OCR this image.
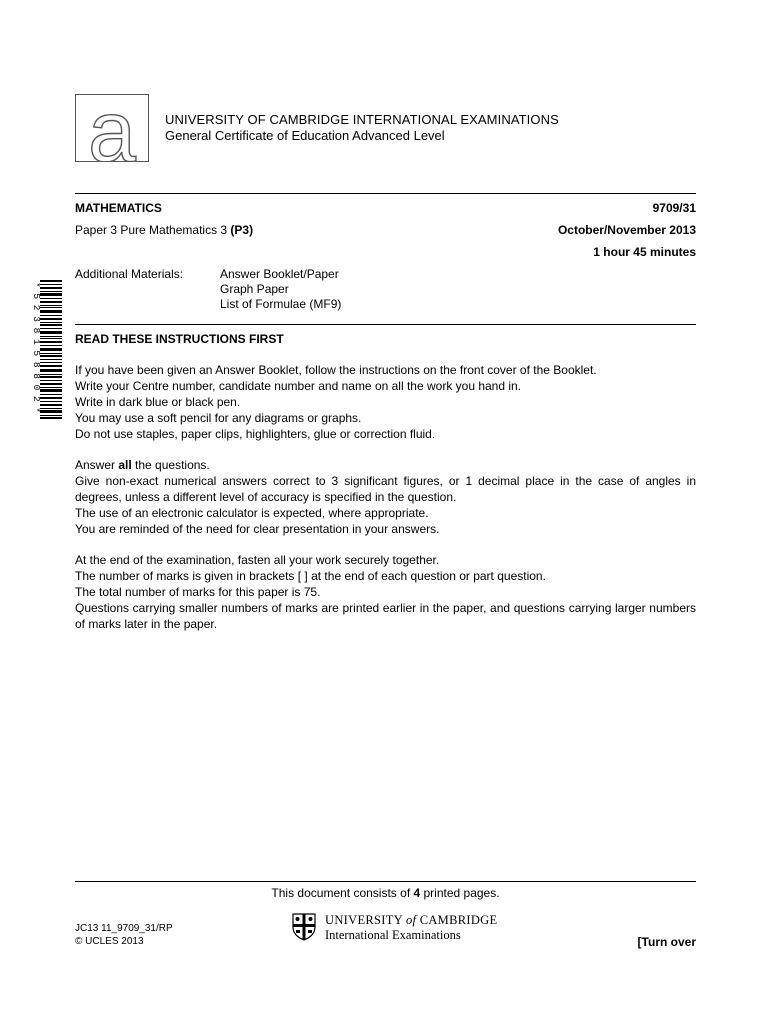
a UNIVERSITY OF CAMBRIDGE INTERNATIONAL EXAMINATIONS
General Certificate of Education Advanced Level
MATHEMATICS	9709/31
Paper 3 Pure Mathematics 3 (P3)	October/November 2013
1 hour 45 minutes
Additional Materials:	Answer Booklet/Paper
Graph Paper
List of Formulae (MF9)
* 5 2 3 8 1 5 8 8 0 2 *	READ THESE INSTRUCTIONS FIRST

If you have been given an Answer Booklet, follow the instructions on the front cover of the Booklet.

Write your Centre number, candidate number and name on all the work you hand in.

Write in dark blue or black pen.

You may use a soft pencil for any diagrams or graphs.

Do not use staples, paper clips, highlighters, glue or correction fluid.

Answer all the questions.

Give non-exact numerical answers correct to 3 significant figures, or 1 decimal place in the case of angles in degrees, unless a different level of accuracy is specified in the question.

The use of an electronic calculator is expected, where appropriate.

You are reminded of the need for clear presentation in your answers.

At the end of the examination, fasten all your work securely together.

The number of marks is given in brackets [ ] at the end of each question or part question.

The total number of marks for this paper is 75.

Questions carrying smaller numbers of marks are printed earlier in the paper, and questions carrying larger numbers of marks later in the paper.

This document consists of 4 printed pages.
JC13 11_9709_31/RP
© UCLES 2013
UNIVERSITY of CAMBRIDGE
International Examinations	[Turn over
